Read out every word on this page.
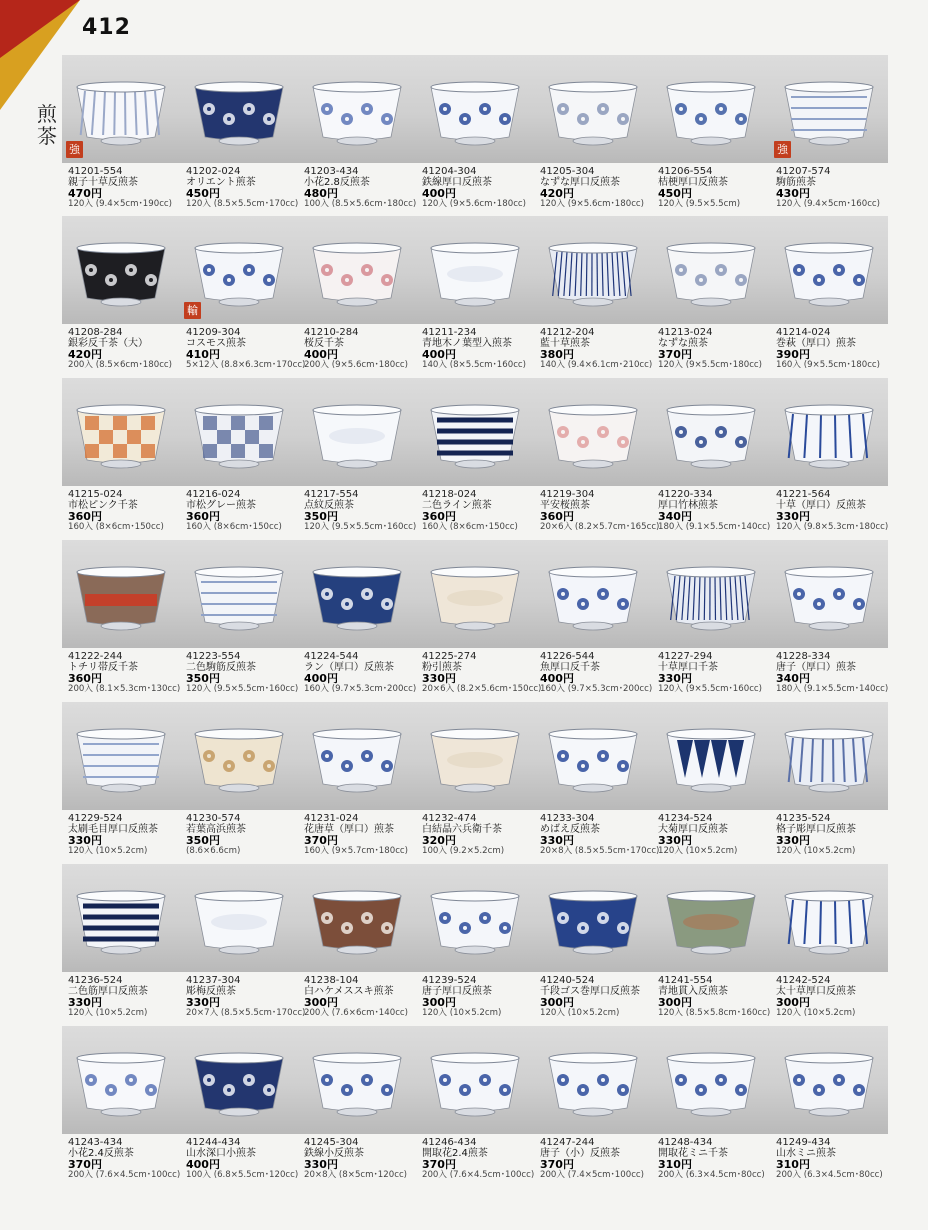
412
煎茶
強
41201-554
親子十草反煎茶
470円
120入 (9.4×5cm･190cc)
41202-024
オリエント煎茶
450円
120入 (8.5×5.5cm･170cc)
41203-434
小花2.8反煎茶
480円
100入 (8.5×5.6cm･180cc)
41204-304
鉄線厚口反煎茶
400円
120入 (9×5.6cm･180cc)
41205-304
なずな厚口反煎茶
420円
120入 (9×5.6cm･180cc)
41206-554
桔梗厚口反煎茶
450円
120入 (9.5×5.5cm)
強
41207-574
駒筋煎茶
430円
120入 (9.4×5cm･160cc)
41208-284
銀彩反千茶（大）
420円
200入 (8.5×6cm･180cc)
輸
41209-304
コスモス煎茶
410円
5×12入 (8.8×6.3cm･170cc)
41210-284
桜反千茶
400円
200入 (9×5.6cm･180cc)
41211-234
青地木ノ葉型入煎茶
400円
140入 (8×5.5cm･160cc)
41212-204
藍十草煎茶
380円
140入 (9.4×6.1cm･210cc)
41213-024
なずな煎茶
370円
120入 (9×5.5cm･180cc)
41214-024
巻萩（厚口）煎茶
390円
160入 (9×5.5cm･180cc)
41215-024
市松ピンク千茶
360円
160入 (8×6cm･150cc)
41216-024
市松グレー煎茶
360円
160入 (8×6cm･150cc)
41217-554
点紋反煎茶
350円
120入 (9.5×5.5cm･160cc)
41218-024
二色ライン煎茶
360円
160入 (8×6cm･150cc)
41219-304
平安桜煎茶
360円
20×6入 (8.2×5.7cm･165cc)
41220-334
厚口竹林煎茶
340円
180入 (9.1×5.5cm･140cc)
41221-564
十草（厚口）反煎茶
330円
120入 (9.8×5.3cm･180cc)
41222-244
トチリ帯反千茶
360円
200入 (8.1×5.3cm･130cc)
41223-554
二色駒筋反煎茶
350円
120入 (9.5×5.5cm･160cc)
41224-544
ラン（厚口）反煎茶
400円
160入 (9.7×5.3cm･200cc)
41225-274
粉引煎茶
330円
20×6入 (8.2×5.6cm･150cc)
41226-544
魚厚口反千茶
400円
160入 (9.7×5.3cm･200cc)
41227-294
十草厚口千茶
330円
120入 (9×5.5cm･160cc)
41228-334
唐子（厚口）煎茶
340円
180入 (9.1×5.5cm･140cc)
41229-524
太刷毛目厚口反煎茶
330円
120入 (10×5.2cm)
41230-574
若葉高浜煎茶
350円
(8.6×6.6cm)
41231-024
花唐草（厚口）煎茶
370円
160入 (9×5.7cm･180cc)
41232-474
白結晶六兵衛千茶
320円
100入 (9.2×5.2cm)
41233-304
めばえ反煎茶
330円
20×8入 (8.5×5.5cm･170cc)
41234-524
大菊厚口反煎茶
330円
120入 (10×5.2cm)
41235-524
格子彫厚口反煎茶
330円
120入 (10×5.2cm)
41236-524
二色筋厚口反煎茶
330円
120入 (10×5.2cm)
41237-304
彫梅反煎茶
330円
20×7入 (8.5×5.5cm･170cc)
41238-104
白ハケメススキ煎茶
300円
200入 (7.6×6cm･140cc)
41239-524
唐子厚口反煎茶
300円
120入 (10×5.2cm)
41240-524
千段ゴス巻厚口反煎茶
300円
120入 (10×5.2cm)
41241-554
青地貫入反煎茶
300円
120入 (8.5×5.8cm･160cc)
41242-524
太十草厚口反煎茶
300円
120入 (10×5.2cm)
41243-434
小花2.4反煎茶
370円
200入 (7.6×4.5cm･100cc)
41244-434
山水深口小煎茶
400円
100入 (6.8×5.5cm･120cc)
41245-304
鉄線小反煎茶
330円
20×8入 (8×5cm･120cc)
41246-434
開取花2.4煎茶
370円
200入 (7.6×4.5cm･100cc)
41247-244
唐子（小）反煎茶
370円
200入 (7.4×5cm･100cc)
41248-434
開取花ミニ千茶
310円
200入 (6.3×4.5cm･80cc)
41249-434
山水ミニ煎茶
310円
200入 (6.3×4.5cm･80cc)
